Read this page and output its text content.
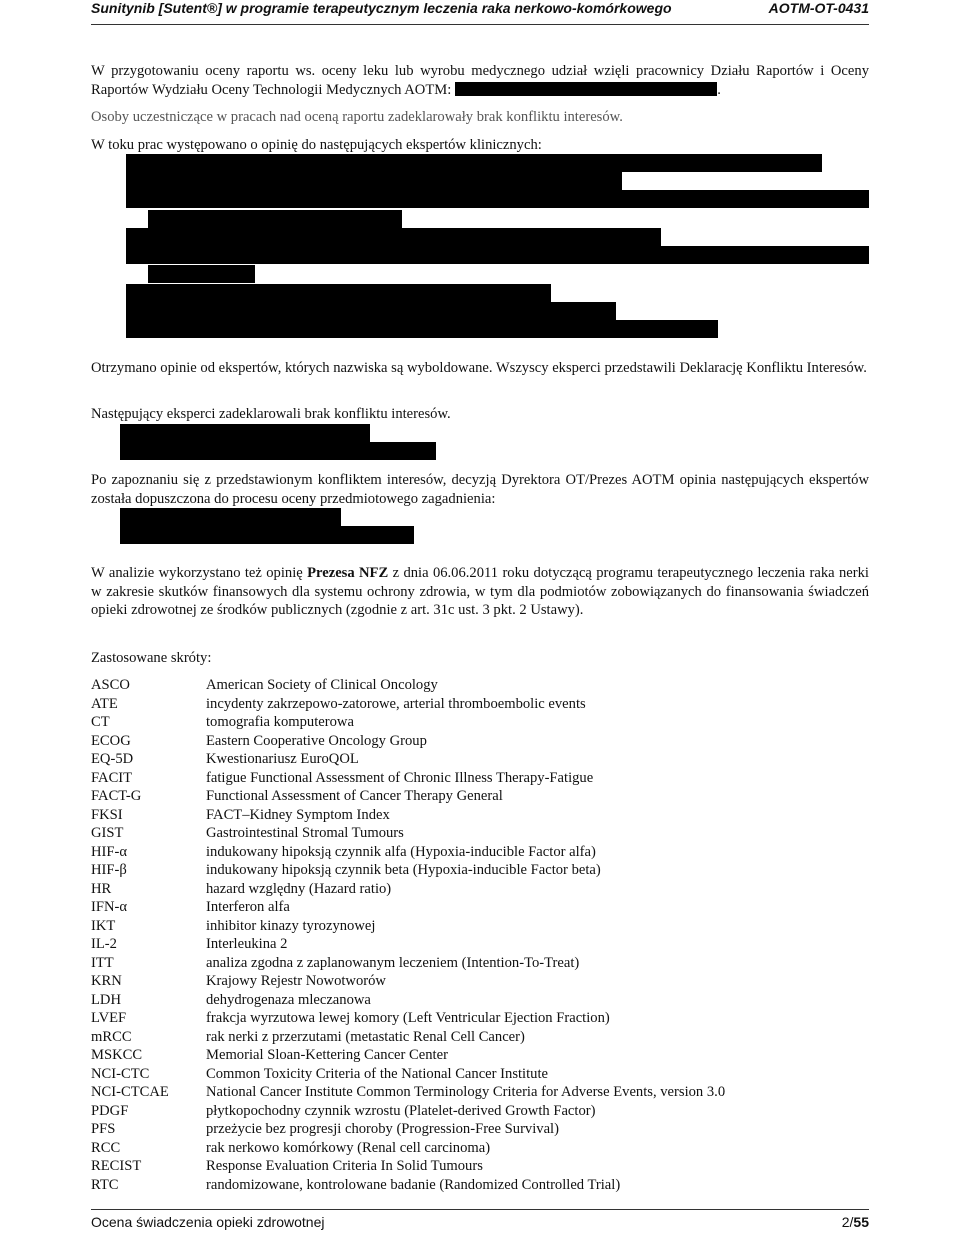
Sunitynib [Sutent®] w programie terapeutycznym leczenia raka nerkowo-komórkowego	AOTM-OT-0431
W przygotowaniu oceny raportu ws. oceny leku lub wyrobu medycznego udział wzięli pracownicy Działu Raportów i Oceny Raportów Wydziału Oceny Technologii Medycznych AOTM:	.
Osoby uczestniczące w pracach nad oceną raportu zadeklarowały brak konfliktu interesów.
W toku prac występowano o opinię do następujących ekspertów klinicznych:
Otrzymano opinie od ekspertów, których nazwiska są wyboldowane. Wszyscy eksperci przedstawili Deklarację Konfliktu Interesów.
Następujący eksperci zadeklarowali brak konfliktu interesów.
Po zapoznaniu się z przedstawionym konfliktem interesów, decyzją Dyrektora OT/Prezes AOTM opinia następujących ekspertów została dopuszczona do procesu oceny przedmiotowego zagadnienia:
W analizie wykorzystano też opinię Prezesa NFZ z dnia 06.06.2011 roku dotyczącą programu terapeutycznego leczenia raka nerki w zakresie skutków finansowych dla systemu ochrony zdrowia, w tym dla podmiotów zobowiązanych do finansowania świadczeń opieki zdrowotnej ze środków publicznych (zgodnie z art. 31c ust. 3 pkt. 2 Ustawy).
Zastosowane skróty:
ASCO	American Society of Clinical Oncology
ATE	incydenty zakrzepowo-zatorowe, arterial thromboembolic events
CT	tomografia komputerowa
ECOG	Eastern Cooperative Oncology Group
EQ-5D	Kwestionariusz EuroQOL
FACIT	fatigue Functional Assessment of Chronic Illness Therapy-Fatigue
FACT-G	Functional Assessment of Cancer Therapy General
FKSI	FACT–Kidney Symptom Index
GIST	Gastrointestinal Stromal Tumours
HIF-α	indukowany hipoksją czynnik alfa (Hypoxia-inducible Factor alfa)
HIF-β	indukowany hipoksją czynnik beta (Hypoxia-inducible Factor beta)
HR	hazard względny (Hazard ratio)
IFN-α	Interferon alfa
IKT	inhibitor kinazy tyrozynowej
IL-2	Interleukina 2
ITT	analiza zgodna z zaplanowanym leczeniem (Intention-To-Treat)
KRN	Krajowy Rejestr Nowotworów
LDH	dehydrogenaza mleczanowa
LVEF	frakcja wyrzutowa lewej komory (Left Ventricular Ejection Fraction)
mRCC	rak nerki z przerzutami (metastatic Renal Cell Cancer)
MSKCC	Memorial Sloan-Kettering Cancer Center
NCI-CTC	Common Toxicity Criteria of the National Cancer Institute
NCI-CTCAE	National Cancer Institute Common Terminology Criteria for Adverse Events, version 3.0
PDGF	płytkopochodny czynnik wzrostu (Platelet-derived Growth Factor)
PFS	przeżycie bez progresji choroby (Progression-Free Survival)
RCC	rak nerkowo komórkowy (Renal cell carcinoma)
RECIST	Response Evaluation Criteria In Solid Tumours
RTC	randomizowane, kontrolowane badanie (Randomized Controlled Trial)
Ocena świadczenia opieki zdrowotnej	2/55
